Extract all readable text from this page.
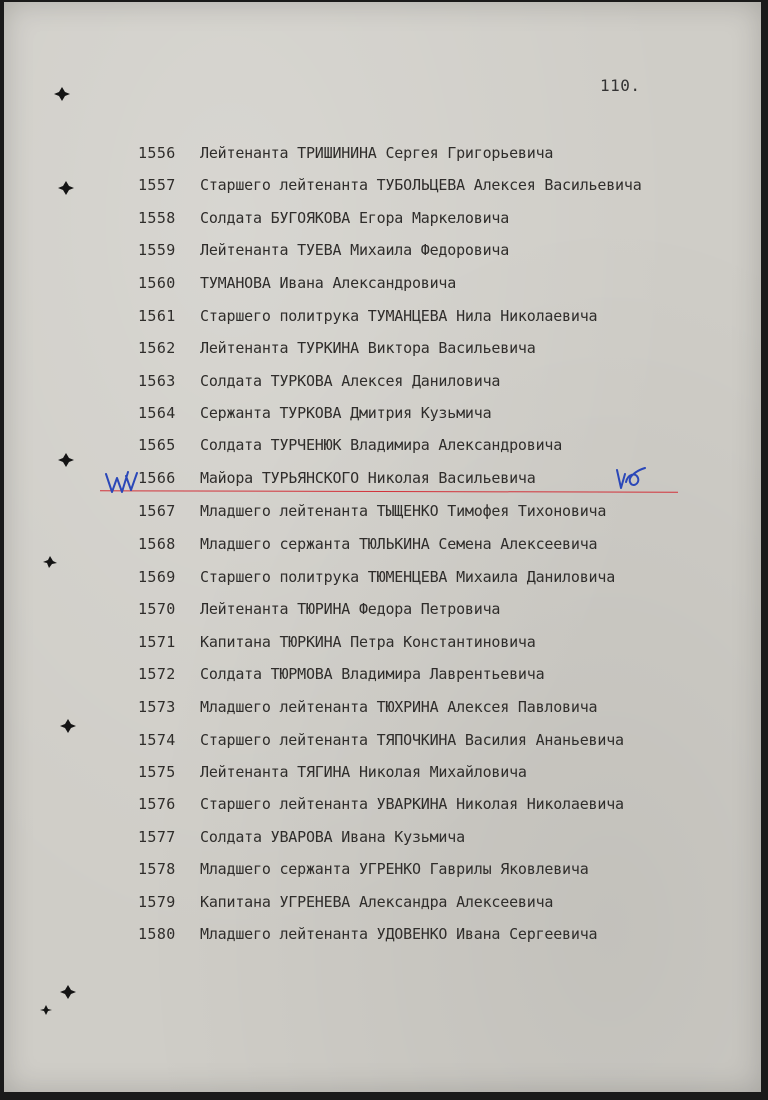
110.
1556	Лейтенанта ТРИШИНИНА Сергея Григорьевича
1557	Старшего лейтенанта ТУБОЛЬЦЕВА Алексея Васильевича
1558	Солдата БУГОЯКОВА Егора Маркеловича
1559	Лейтенанта ТУЕВА Михаила Федоровича
1560	ТУМАНОВА Ивана Александровича
1561	Старшего политрука ТУМАНЦЕВА Нила Николаевича
1562	Лейтенанта ТУРКИНА Виктора Васильевича
1563	Солдата ТУРКОВА Алексея Даниловича
1564	Сержанта ТУРКОВА Дмитрия Кузьмича
1565	Солдата ТУРЧЕНЮК Владимира Александровича
1566	Майора ТУРЬЯНСКОГО Николая Васильевича
1567	Младшего лейтенанта ТЫЩЕНКО Тимофея Тихоновича
1568	Младшего сержанта ТЮЛЬКИНА Семена Алексеевича
1569	Старшего политрука ТЮМЕНЦЕВА Михаила Даниловича
1570	Лейтенанта ТЮРИНА Федора Петровича
1571	Капитана ТЮРКИНА Петра Константиновича
1572	Солдата ТЮРМОВА Владимира Лаврентьевича
1573	Младшего лейтенанта ТЮХРИНА Алексея Павловича
1574	Старшего лейтенанта ТЯПОЧКИНА Василия Ананьевича
1575	Лейтенанта ТЯГИНА Николая Михайловича
1576	Старшего лейтенанта УВАРКИНА Николая Николаевича
1577	Солдата УВАРОВА Ивана Кузьмича
1578	Младшего сержанта УГРЕНКО Гаврилы Яковлевича
1579	Капитана УГРЕНЕВА Александра Алексеевича
1580	Младшего лейтенанта УДОВЕНКО Ивана Сергеевича
